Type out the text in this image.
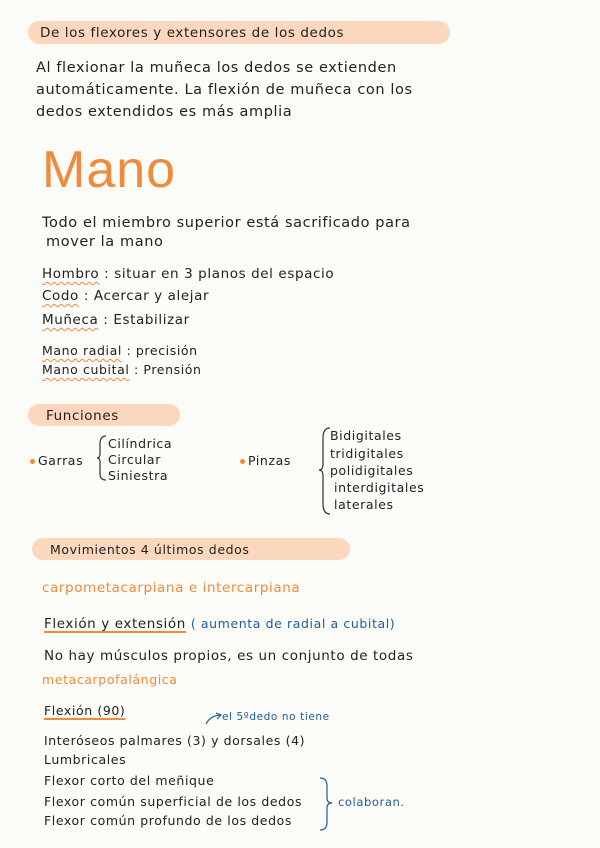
De los flexores y extensores de los dedos
Al flexionar la muñeca los dedos se extienden
automáticamente. La flexión de muñeca con los
dedos extendidos es más amplia
Mano
Todo el miembro superior está sacrificado para
mover la mano
Hombro : situar en 3 planos del espacio
Codo : Acercar y alejar
Muñeca : Estabilizar
Mano radial : precisión
Mano cubital : Prensión
Funciones
Garras
Cilíndrica
Circular
Siniestra
Pinzas
Bidigitales
tridigitales
polidigitales
interdigitales
laterales
Movimientos 4 últimos dedos
carpometacarpiana e intercarpiana
Flexión y extensión ( aumenta de radial a cubital)
No hay músculos propios, es un conjunto de todas
metacarpofalángica
Flexión (90)	el 5ºdedo no tiene
Interóseos palmares (3) y dorsales (4)
Lumbricales
Flexor corto del meñique
Flexor común superficial de los dedos
Flexor común profundo de los dedos
colaboran.
